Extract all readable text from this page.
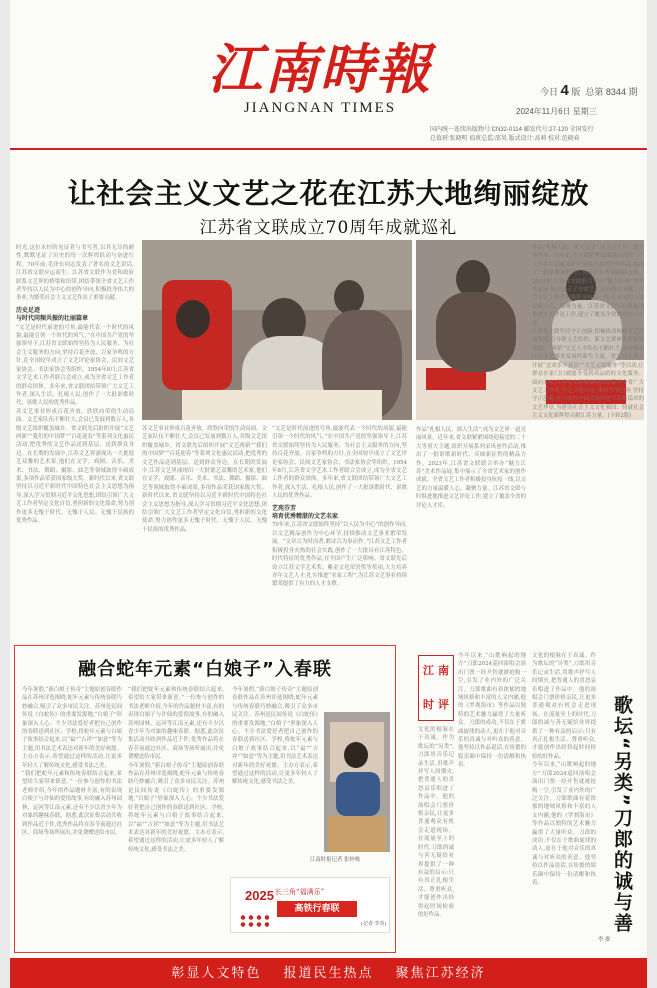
江南時報
JIANGNAN TIMES
今日 4 版 总第 8344 期
2024年11月6日 星期三
国内统一连续出版物号:CN32-0114 邮发代号:27-120 全国发行
总值班:张晓明 值班总监:邵昊 版式设计:高莉 校对:范晓春
让社会主义文艺之花在江苏大地绚丽绽放
江苏省文联成立70周年成就巡礼

时光,这位永恒的见证者与书写者,以其无尽的耐性,默默见证了历史的每一次辉煌跃动与奋进行程。70年前,毛泽东同志发表了著名的文艺讲话,江苏省文联应运而生。江苏省文联作为党和政府联系文艺界的桥梁和纽带,团结带领全省文艺工作者坚持以人民为中心的创作导向,积极投身伟大的事业,为繁荣社会主义文艺作出了重要贡献。

历史足迹

与时代同频共振的壮丽篇章

“文艺是时代前进的号角,最能代表一个时代的风貌,最能引领一个时代的风气。”在中国共产党的坚强领导下,江苏省文联始终坚持为人民服务、为社会主义服务的方向,坚持百花齐放、百家争鸣的方针,在全国较早成立了文艺评论家协会、民间文艺家协会、书法家协会等组织。1954年8月,江苏省文学艺术工作者联合会成立,成为全省文艺工作者的群众团体。多年来,省文联团结带领广大文艺工作者,深入生活、扎根人民,创作了一大批讴歌时代、讴歌人民的优秀作品。

苏文艺事业形成百花齐放、欣欣向荣的生动局面。文艺家队伍不断壮大,会员已发展到数万人,各级文艺组织覆盖城乡。省文联先后组织开展“文艺两新”“我们的中国梦”“百花迎春”等系列文化惠民活动,把优秀的文艺作品送到基层、送到群众身边。在长期的发展中,江苏文艺界涌现出一大批德艺双馨的艺术家,他们在文学、戏剧、音乐、美术、书法、舞蹈、摄影、曲艺等领域取得丰硕成果,多项作品荣获国家级大奖。新时代以来,省文联坚持以习近平新时代中国特色社会主义思想为指导,深入学习贯彻习近平文化思想,团结引领广大文艺工作者坚定文化自信,勇担新的文化使命,努力创作更多无愧于时代、无愧于人民、无愧于民族的优秀作品。

苏文艺事业形成百花齐放、欣欣向荣的生动局面。文艺家队伍不断壮大,会员已发展到数万人,各级文艺组织覆盖城乡。省文联先后组织开展“文艺两新”“我们的中国梦”“百花迎春”等系列文化惠民活动,把优秀的文艺作品送到基层、送到群众身边。在长期的发展中,江苏文艺界涌现出一大批德艺双馨的艺术家,他们在文学、戏剧、音乐、美术、书法、舞蹈、摄影、曲艺等领域取得丰硕成果,多项作品荣获国家级大奖。新时代以来,省文联坚持以习近平新时代中国特色社会主义思想为指导,深入学习贯彻习近平文化思想,团结引领广大文艺工作者坚定文化自信,勇担新的文化使命,努力创作更多无愧于时代、无愧于人民、无愧于民族的优秀作品。

“文艺是时代前进的号角,最能代表一个时代的风貌,最能引领一个时代的风气。”在中国共产党的坚强领导下,江苏省文联始终坚持为人民服务、为社会主义服务的方向,坚持百花齐放、百家争鸣的方针,在全国较早成立了文艺评论家协会、民间文艺家协会、书法家协会等组织。1954年8月,江苏省文学艺术工作者联合会成立,成为全省文艺工作者的群众团体。多年来,省文联团结带领广大文艺工作者,深入生活、扎根人民,创作了一大批讴歌时代、讴歌人民的优秀作品。

艺苑芬芳

培育优秀精湛的文艺名家

70年来,江苏省文联始终坚持“以人民为中心”的创作导向,以文艺精品创作为中心环节,持续推动文艺事业繁荣发展。“文章合为时而著,歌诗合为事而作。”江苏文艺工作者积极投身火热的社会实践,创作了一大批具有江苏特色、时代特征的优秀作品,在全国产生广泛影响。省文联先后设立江苏文学艺术奖、紫金文化荣誉奖等奖项,大力培养青年文艺人才,扎实推进“名家工程”,为江苏文艺事业持续繁荣提供了有力的人才支撑。

作品“扎根人民、深入生活”,成为文艺界一道亮丽风景。近年来,省文联紧紧围绕迎接党的二十大等重大主题,组织开展系列采风创作活动,推出了一批讴歌新时代、反映新征程的精品力作。2023年,江苏省文联联合举办“魅力江苏”美术作品展,集中展示了全省艺术家的创作成就。全省文艺工作者积极投身抗疫一线,以文艺的力量温暖人心、凝聚力量。江苏省文联与时俱进地推进文艺评论工作,建立了覆盖全省的评论人才库。

作品“扎根人民、深入生活”,成为文艺界一道亮丽风景。近年来,省文联紧紧围绕迎接党的二十大等重大主题,组织开展系列采风创作活动,推出了一批讴歌新时代、反映新征程的精品力作。2023年,江苏省文联联合举办“魅力江苏”美术作品展,集中展示了全省艺术家的创作成就。全省文艺工作者积极投身抗疫一线,以文艺的力量温暖人心、凝聚力量。江苏省文联与时俱进地推进文艺评论工作,建立了覆盖全省的评论人才库。

江苏省文联坚持守正创新,积极推动网络文艺健康发展,引导新文艺组织、新文艺群体发挥积极作用。“两新”文艺人才队伍不断壮大,成为推动江苏文艺事业发展的新生力量。省文联还深入开展“送欢乐下基层”“文艺志愿服务”等活动,让群众在家门口就能享受到高品质的文化服务。面向未来,江苏省文联将继续团结带领全省广大文艺工作者,坚定文化自信,秉持开放包容,坚持守正创新,奋力谱写中国式现代化江苏新篇章的文艺华章,为建设社会主义文化强国、铸就社会主义文化新辉煌贡献江苏力量。(下转2版)

融合蛇年元素“白娘子”入春联

今年暑假,“新白娘子传奇”主题原创春联作品在苏州评选揭晓,蛇年元素与传统春联巧妙融合,吸引了众多市民关注。苏州是民间传说《白蛇传》的重要发源地,“白娘子”形象深入人心。不少书法爱好者把自己创作的春联送到社区、学校,将蛇年元素与白娘子故事结合起来,以“福”“吉祥”“如意”等为主题,用书法艺术表达对新年的美好祝愿。主办方表示,希望通过这样的活动,让更多年轻人了解传统文化,感受书法之美。

“我们把蛇年元素和传统春联结合起来,希望给大家带来新意。”一位参与创作的书法老师介绍,今年的作品题材丰富,有的表现白娘子与许仙的爱情故事,有的融入苏州园林、运河等江南元素,还有不少以青少年为对象的趣味春联。据悉,此次征集活动共收到作品近千件,优秀作品将在春节前通过社区、商场等场所展出,并免费赠送给市民。

“我们把蛇年元素和传统春联结合起来,希望给大家带来新意。”一位参与创作的书法老师介绍,今年的作品题材丰富,有的表现白娘子与许仙的爱情故事,有的融入苏州园林、运河等江南元素,还有不少以青少年为对象的趣味春联。据悉,此次征集活动共收到作品近千件,优秀作品将在春节前通过社区、商场等场所展出,并免费赠送给市民。

今年暑假,“新白娘子传奇”主题原创春联作品在苏州评选揭晓,蛇年元素与传统春联巧妙融合,吸引了众多市民关注。苏州是民间传说《白蛇传》的重要发源地,“白娘子”形象深入人心。不少书法爱好者把自己创作的春联送到社区、学校,将蛇年元素与白娘子故事结合起来,以“福”“吉祥”“如意”等为主题,用书法艺术表达对新年的美好祝愿。主办方表示,希望通过这样的活动,让更多年轻人了解传统文化,感受书法之美。

今年暑假,“新白娘子传奇”主题原创春联作品在苏州评选揭晓,蛇年元素与传统春联巧妙融合,吸引了众多市民关注。苏州是民间传说《白蛇传》的重要发源地,“白娘子”形象深入人心。不少书法爱好者把自己创作的春联送到社区、学校,将蛇年元素与白娘子故事结合起来,以“福”“吉祥”“如意”等为主题,用书法艺术表达对新年的美好祝愿。主办方表示,希望通过这样的活动,让更多年轻人了解传统文化,感受书法之美。

江南时报记者 张梓栋
2025 长三角“福满乐”
高铁行春联
(记者 李炎)
江 南
时 评

今年以来,“山歌响起的地方”刀郎2024巡回演唱会演出门票一经开售就被抢购一空,引发了业内外的广泛关注。刀郎歌曲有着浓郁的地域风格和丰富的人文内涵,他的《罗刹海市》等作品以独特的艺术魅力赢得了大量听众。刀郎的成功,不仅在于歌曲旋律的动人,更在于他对音乐的真诚与对听众的善意。他坚持以作品说话,在纷繁的娱乐圈中保持一份清醒和执着。

文化的根脉在于真诚。作为歌坛的“另类”,刀郎用音乐记录生活,用歌声抒写人间烟火,把普通人的喜怒哀乐唱进了作品中。他的演唱会门票价格亲民,让更多普通观众有机会走进现场。在流量至上的时代,刀郎的诚与善无疑给业界提供了一种有益的启示:只有真正扎根生活、尊重听众,才能创作出经得起时间检验的好作品。

文化的根脉在于真诚。作为歌坛的“另类”,刀郎用音乐记录生活,用歌声抒写人间烟火,把普通人的喜怒哀乐唱进了作品中。他的演唱会门票价格亲民,让更多普通观众有机会走进现场。在流量至上的时代,刀郎的诚与善无疑给业界提供了一种有益的启示:只有真正扎根生活、尊重听众,才能创作出经得起时间检验的好作品。

今年以来,“山歌响起的地方”刀郎2024巡回演唱会演出门票一经开售就被抢购一空,引发了业内外的广泛关注。刀郎歌曲有着浓郁的地域风格和丰富的人文内涵,他的《罗刹海市》等作品以独特的艺术魅力赢得了大量听众。刀郎的成功,不仅在于歌曲旋律的动人,更在于他对音乐的真诚与对听众的善意。他坚持以作品说话,在纷繁的娱乐圈中保持一份清醒和执着。	歌坛“另类”刀郎的诚与善
李 维
彰显人文特色 报道民生热点 聚焦江苏经济
